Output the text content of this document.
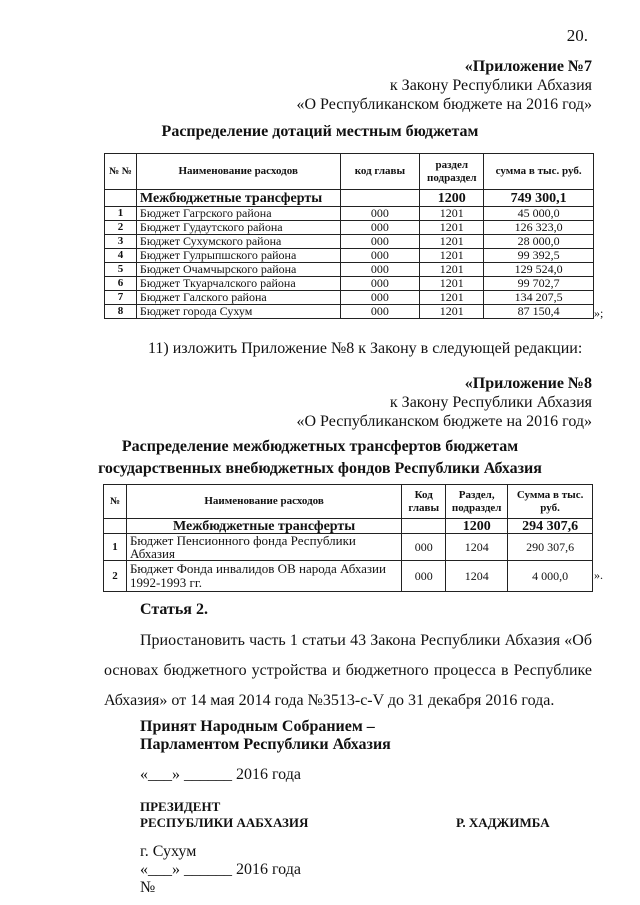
20.
«Приложение №7
к Закону Республики Абхазия
«О Республиканском бюджете на 2016 год»
Распределение дотаций местным бюджетам
№ №	Наименование расходов	код главы	раздел подраздел	сумма в тыс. руб.
	Межбюджетные трансферты		1200	749 300,1
1	Бюджет Гагрского района	000	1201	45 000,0
2	Бюджет Гудаутского района	000	1201	126 323,0
3	Бюджет Сухумского района	000	1201	28 000,0
4	Бюджет Гулрыпшского района	000	1201	99 392,5
5	Бюджет Очамчырского района	000	1201	129 524,0
6	Бюджет Ткуарчалского района	000	1201	99 702,7
7	Бюджет Галского района	000	1201	134 207,5
8	Бюджет города Сухум	000	1201	87 150,4	»;
11) изложить Приложение №8 к Закону в следующей редакции:
«Приложение №8
к Закону Республики Абхазия
«О Республиканском бюджете на 2016 год»
Распределение межбюджетных трансфертов бюджетам
государственных внебюджетных фондов Республики Абхазия
№	Наименование расходов	Код главы	Раздел, подраздел	Сумма в тыс. руб.
	Межбюджетные трансферты		1200	294 307,6
1	Бюджет Пенсионного фонда Республики Абхазия	000	1204	290 307,6
2	Бюджет Фонда инвалидов ОВ народа Абхазии 1992-1993 гг.	000	1204	4 000,0 ».
Статья 2.
Приостановить часть 1 статьи 43 Закона Республики Абхазия «Об основах бюджетного устройства и бюджетного процесса в Республике Абхазия» от 14 мая 2014 года №3513-с-V до 31 декабря 2016 года.
Принят Народным Собранием –
Парламентом Республики Абхазия
«___» ______ 2016 года
ПРЕЗИДЕНТ
РЕСПУБЛИКИ ААБХАЗИЯ	Р. ХАДЖИМБА
г. Сухум
«___» ______ 2016 года
№
